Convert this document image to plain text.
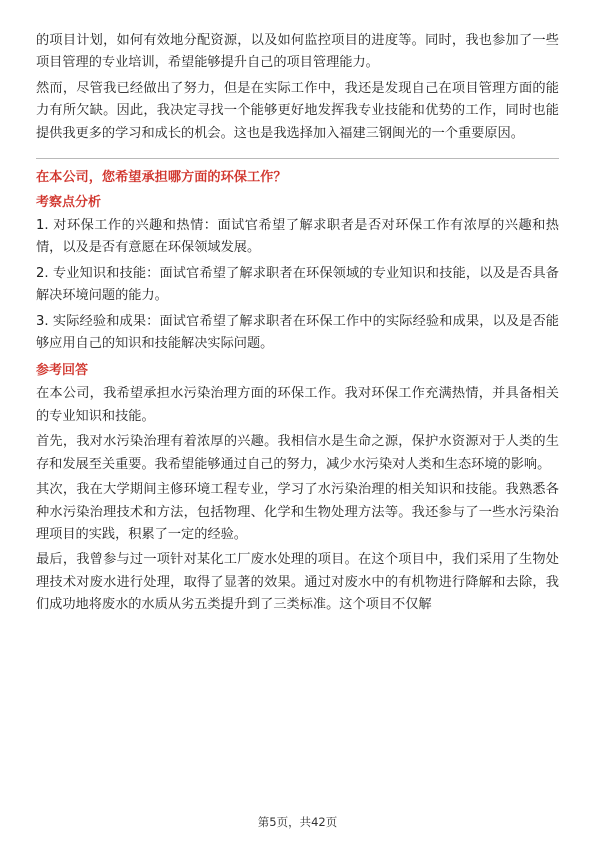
的项目计划，如何有效地分配资源，以及如何监控项目的进度等。同时，我也参加了一些项目管理的专业培训，希望能够提升自己的项目管理能力。

然而，尽管我已经做出了努力，但是在实际工作中，我还是发现自己在项目管理方面的能力有所欠缺。因此，我决定寻找一个能够更好地发挥我专业技能和优势的工作，同时也能提供我更多的学习和成长的机会。这也是我选择加入福建三钢闽光的一个重要原因。

在本公司，您希望承担哪方面的环保工作？
考察点分析

1. 对环保工作的兴趣和热情：面试官希望了解求职者是否对环保工作有浓厚的兴趣和热情，以及是否有意愿在环保领域发展。

2. 专业知识和技能：面试官希望了解求职者在环保领域的专业知识和技能，以及是否具备解决环境问题的能力。

3. 实际经验和成果：面试官希望了解求职者在环保工作中的实际经验和成果，以及是否能够应用自己的知识和技能解决实际问题。

参考回答

在本公司，我希望承担水污染治理方面的环保工作。我对环保工作充满热情，并具备相关的专业知识和技能。

首先，我对水污染治理有着浓厚的兴趣。我相信水是生命之源，保护水资源对于人类的生存和发展至关重要。我希望能够通过自己的努力，减少水污染对人类和生态环境的影响。

其次，我在大学期间主修环境工程专业，学习了水污染治理的相关知识和技能。我熟悉各种水污染治理技术和方法，包括物理、化学和生物处理方法等。我还参与了一些水污染治理项目的实践，积累了一定的经验。

最后，我曾参与过一项针对某化工厂废水处理的项目。在这个项目中，我们采用了生物处理技术对废水进行处理，取得了显著的效果。通过对废水中的有机物进行降解和去除，我们成功地将废水的水质从劣五类提升到了三类标准。这个项目不仅解

第5页，共42页
